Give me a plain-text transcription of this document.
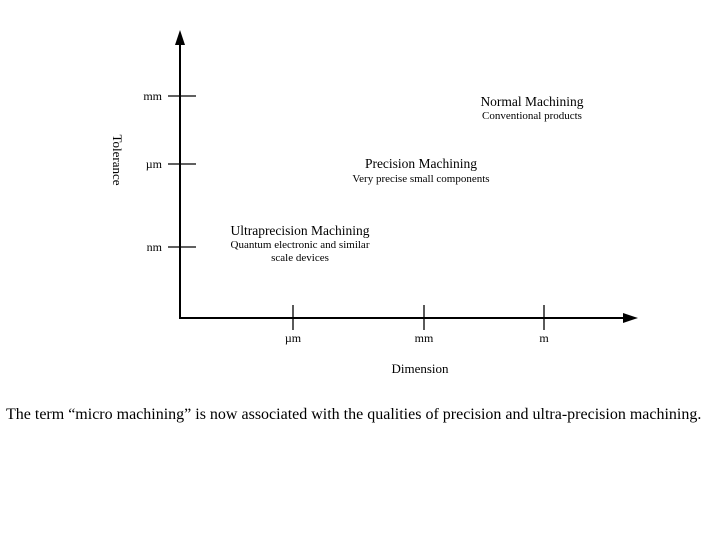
mm
µm
nm
µm	mm	m
Tolerance
Dimension
Normal Machining
Conventional products
Precision Machining
Very precise small components
Ultraprecision Machining
Quantum electronic and similar
scale devices

The term “micro machining” is now associated with the qualities of precision and ultra-precision machining.
